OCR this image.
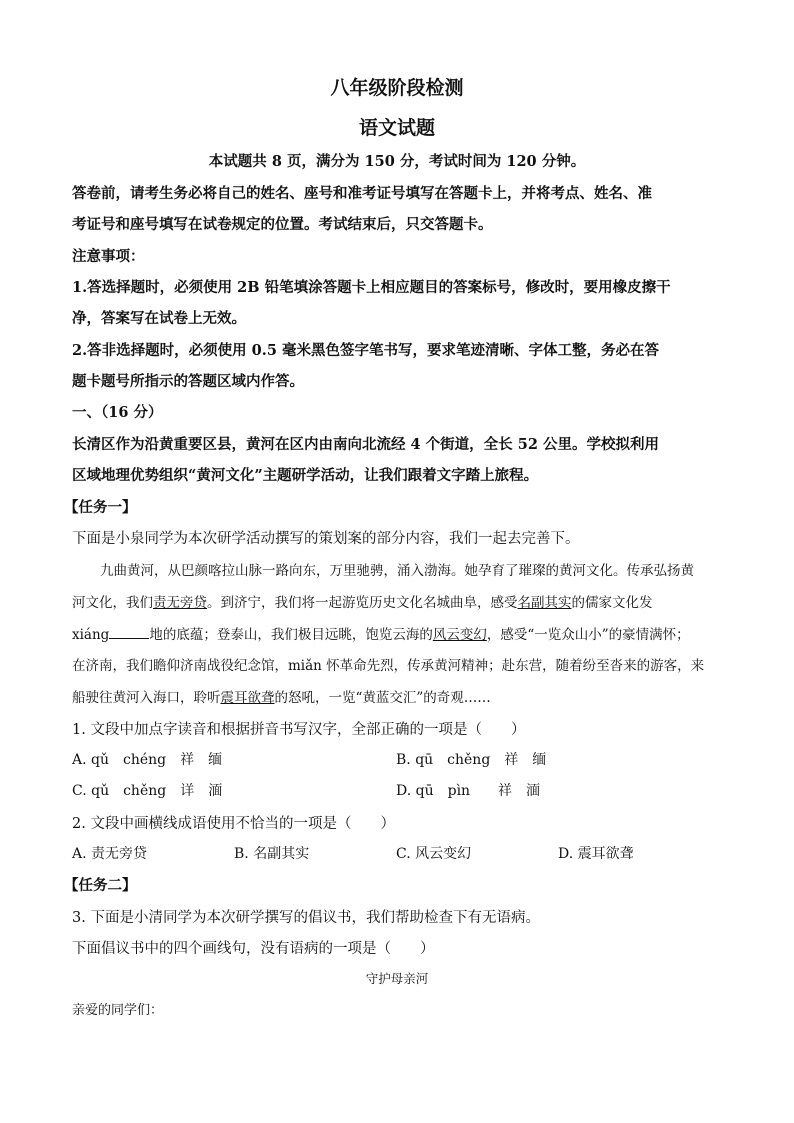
八年级阶段检测
语文试题
本试题共 8 页，满分为 150 分，考试时间为 120 分钟。
答卷前，请考生务必将自己的姓名、座号和准考证号填写在答题卡上，并将考点、姓名、准
考证号和座号填写在试卷规定的位置。考试结束后，只交答题卡。
注意事项：
1.答选择题时，必须使用 2B 铅笔填涂答题卡上相应题目的答案标号，修改时，要用橡皮擦干
净，答案写在试卷上无效。
2.答非选择题时，必须使用 0.5 毫米黑色签字笔书写，要求笔迹清晰、字体工整，务必在答
题卡题号所指示的答题区域内作答。
一、（16 分）
长清区作为沿黄重要区县，黄河在区内由南向北流经 4 个街道，全长 52 公里。学校拟利用
区域地理优势组织“黄河文化”主题研学活动，让我们跟着文字踏上旅程。
【任务一】
下面是小泉同学为本次研学活动撰写的策划案的部分内容，我们一起去完善下。
九曲黄河，从巴颜喀拉山脉一路向东，万里驰骋，涌入渤海。她孕育了璀璨的黄河文化。传承弘扬黄
河文化，我们责无旁贷。到济宁，我们将一起游览历史文化名城曲阜，感受名副其实的儒家文化发
xiáng	地的底蕴；登泰山，我们极目远眺，饱览云海的风云变幻，感受“一览众山小”的豪情满怀；
在济南，我们瞻仰济南战役纪念馆，miǎn 怀革命先烈，传承黄河精神；赴东营，随着纷至沓来的游客，来
船驶往黄河入海口，聆听震耳欲聋的怒吼，一览“黄蓝交汇”的奇观……
1. 文段中加点字读音和根据拼音书写汉字，全部正确的一项是（　　）
A. qǔ　chéng　祥　缅	B. qū　chěng　祥　缅
C. qǔ　chěng　详　湎	D. qū　pìn　　祥　湎
2. 文段中画横线成语使用不恰当的一项是（　　）
A. 责无旁贷	B. 名副其实	C. 风云变幻	D. 震耳欲聋
【任务二】
3. 下面是小清同学为本次研学撰写的倡议书，我们帮助检查下有无语病。
下面倡议书中的四个画线句，没有语病的一项是（　　）
守护母亲河
亲爱的同学们：
